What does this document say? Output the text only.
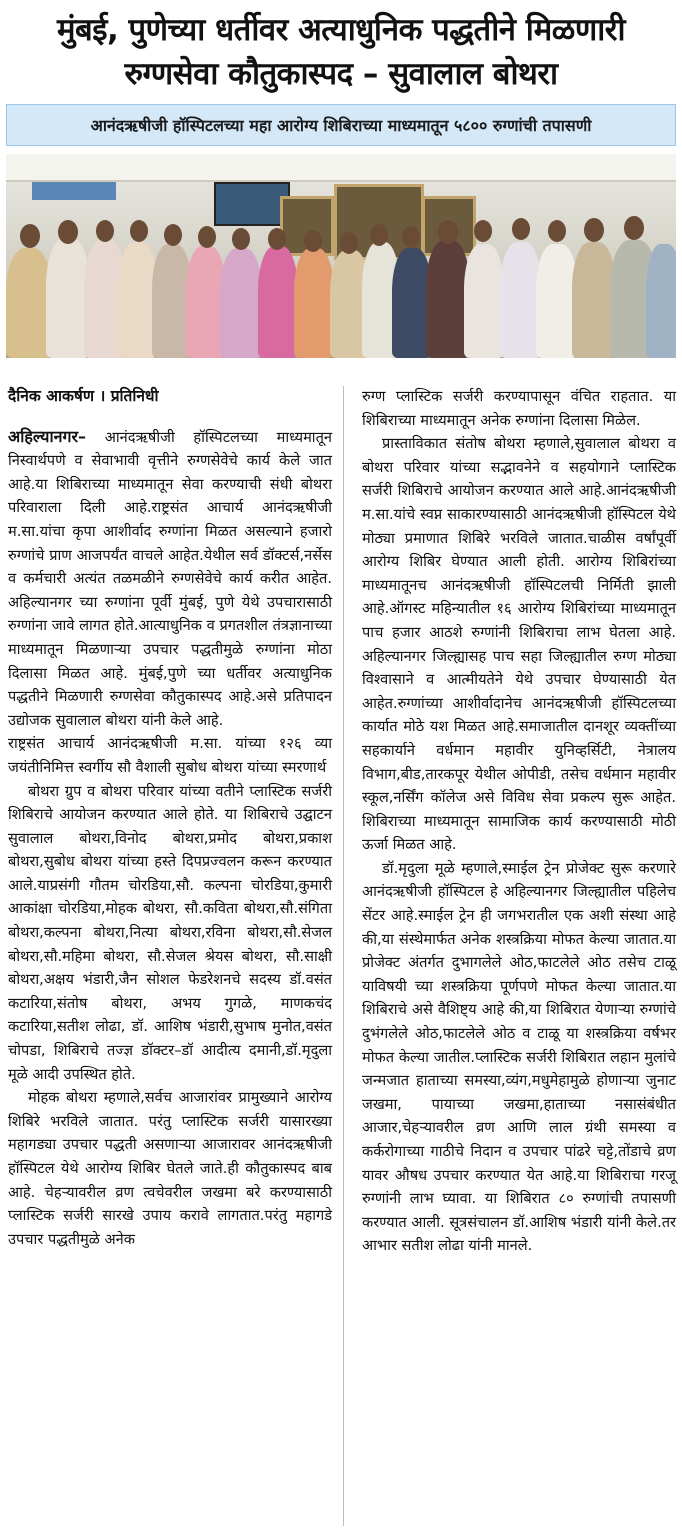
मुंबई, पुणेच्या धर्तीवर अत्याधुनिक पद्धतीने मिळणारी
रुग्णसेवा कौतुकास्पद – सुवालाल बोथरा
आनंदऋषीजी हॉस्पिटलच्या महा आरोग्य शिबिराच्या माध्यमातून ५८०० रुग्णांची तपासणी

दैनिक आकर्षण । प्रतिनिधी

अहिल्यानगर– आनंदऋषीजी हॉस्पिटलच्या माध्यमातून निस्वार्थपणे व सेवाभावी वृत्तीने रुग्णसेवेचे कार्य केले जात आहे.या शिबिराच्या माध्यमातून सेवा करण्याची संधी बोथरा परिवाराला दिली आहे.राष्ट्रसंत आचार्य आनंदऋषीजी म.सा.यांचा कृपा आशीर्वाद रुग्णांना मिळत असल्याने हजारो रुग्णांचे प्राण आजपर्यंत वाचले आहेत.येथील सर्व डॉक्टर्स,नर्सेस व कर्मचारी अत्यंत तळमळीने रुग्णसेवेचे कार्य करीत आहेत. अहिल्यानगर च्या रुग्णांना पूर्वी मुंबई, पुणे येथे उपचारासाठी रुग्णांना जावे लागत होते.आत्याधुनिक व प्रगतशील तंत्रज्ञानाच्या माध्यमातून मिळणाऱ्या उपचार पद्धतीमुळे रुग्णांना मोठा दिलासा मिळत आहे. मुंबई,पुणे च्या धर्तीवर अत्याधुनिक पद्धतीने मिळणारी रुग्णसेवा कौतुकास्पद आहे.असे प्रतिपादन उद्योजक सुवालाल बोथरा यांनी केले आहे.

राष्ट्रसंत आचार्य आनंदऋषीजी म.सा. यांच्या १२६ व्या जयंतीनिमित्त स्वर्गीय सौ वैशाली सुबोध बोथरा यांच्या स्मरणार्थ

बोथरा ग्रुप व बोथरा परिवार यांच्या वतीने प्लास्टिक सर्जरी शिबिराचे आयोजन करण्यात आले होते. या शिबिराचे उद्घाटन सुवालाल बोथरा,विनोद बोथरा,प्रमोद बोथरा,प्रकाश बोथरा,सुबोध बोथरा यांच्या हस्ते दिपप्रज्वलन करून करण्यात आले.याप्रसंगी गौतम चोरडिया,सौ. कल्पना चोरडिया,कुमारी आकांक्षा चोरडिया,मोहक बोथरा, सौ.कविता बोथरा,सौ.संगिता बोथरा,कल्पना बोथरा,नित्या बोथरा,रविना बोथरा,सौ.सेजल बोथरा,सौ.महिमा बोथरा, सौ.सेजल श्रेयस बोथरा, सौ.साक्षी बोथरा,अक्षय भंडारी,जैन सोशल फेडरेशनचे सदस्य डॉ.वसंत कटारिया,संतोष बोथरा, अभय गुगळे, माणकचंद कटारिया,सतीश लोढा, डॉ. आशिष भंडारी,सुभाष मुनोत,वसंत चोपडा, शिबिराचे तज्ज्ञ डॉक्टर–डॉ आदीत्य दमानी,डॉ.मृदुला मूळे आदी उपस्थित होते.

मोहक बोथरा म्हणाले,सर्वच आजारांवर प्रामुख्याने आरोग्य शिबिरे भरविले जातात. परंतु प्लास्टिक सर्जरी यासारख्या महागड्या उपचार पद्धती असणाऱ्या आजारावर आनंदऋषीजी हॉस्पिटल येथे आरोग्य शिबिर घेतले जाते.ही कौतुकास्पद बाब आहे. चेहऱ्यावरील व्रण त्वचेवरील जखमा बरे करण्यासाठी प्लास्टिक सर्जरी सारखे उपाय करावे लागतात.परंतु महागडे उपचार पद्धतीमुळे अनेक

रुग्ण प्लास्टिक सर्जरी करण्यापासून वंचित राहतात. या शिबिराच्या माध्यमातून अनेक रुग्णांना दिलासा मिळेल.

प्रास्ताविकात संतोष बोथरा म्हणाले,सुवालाल बोथरा व बोथरा परिवार यांच्या सद्भावनेने व सहयोगाने प्लास्टिक सर्जरी शिबिराचे आयोजन करण्यात आले आहे.आनंदऋषीजी म.सा.यांचे स्वप्न साकारण्यासाठी आनंदऋषीजी हॉस्पिटल येथे मोठ्या प्रमाणात शिबिरे भरविले जातात.चाळीस वर्षांपूर्वी आरोग्य शिबिर घेण्यात आली होती. आरोग्य शिबिरांच्या माध्यमातूनच आनंदऋषीजी हॉस्पिटलची निर्मिती झाली आहे.ऑगस्ट महिन्यातील १६ आरोग्य शिबिरांच्या माध्यमातून पाच हजार आठशे रुग्णांनी शिबिराचा लाभ घेतला आहे. अहिल्यानगर जिल्ह्यासह पाच सहा जिल्ह्यातील रुग्ण मोठ्या विश्वासाने व आत्मीयतेने येथे उपचार घेण्यासाठी येत आहेत.रुग्णांच्या आशीर्वादानेच आनंदऋषीजी हॉस्पिटलच्या कार्यात मोठे यश मिळत आहे.समाजातील दानशूर व्यक्तींच्या सहकार्याने वर्धमान महावीर युनिव्हर्सिटी, नेत्रालय विभाग,बीड,तारकपूर येथील ओपीडी, तसेच वर्धमान महावीर स्कूल,नर्सिंग कॉलेज असे विविध सेवा प्रकल्प सुरू आहेत. शिबिराच्या माध्यमातून सामाजिक कार्य करण्यासाठी मोठी ऊर्जा मिळत आहे.

डॉ.मृदुला मूळे म्हणाले,स्माईल ट्रेन प्रोजेक्ट सुरू करणारे आनंदऋषीजी हॉस्पिटल हे अहिल्यानगर जिल्ह्यातील पहिलेच सेंटर आहे.स्माईल ट्रेन ही जगभरातील एक अशी संस्था आहे की,या संस्थेमार्फत अनेक शस्त्रक्रिया मोफत केल्या जातात.या प्रोजेक्ट अंतर्गत दुभागलेले ओठ,फाटलेले ओठ तसेच टाळू याविषयी च्या शस्त्रक्रिया पूर्णपणे मोफत केल्या जातात.या शिबिराचे असे वैशिष्ट्य आहे की,या शिबिरात येणाऱ्या रुग्णांचे दुभंगलेले ओठ,फाटलेले ओठ व टाळू या शस्त्रक्रिया वर्षभर मोफत केल्या जातील.प्लास्टिक सर्जरी शिबिरात लहान मुलांचे जन्मजात हाताच्या समस्या,व्यंग,मधुमेहामुळे होणाऱ्या जुनाट जखमा, पायाच्या जखमा,हाताच्या नसासंबंधीत आजार,चेहऱ्यावरील व्रण आणि लाल ग्रंथी समस्या व कर्करोगाच्या गाठीचे निदान व उपचार पांढरे चट्टे,तोंडाचे व्रण यावर औषध उपचार करण्यात येत आहे.या शिबिराचा गरजू रुग्णांनी लाभ घ्यावा. या शिबिरात ८० रुग्णांची तपासणी करण्यात आली. सूत्रसंचालन डॉ.आशिष भंडारी यांनी केले.तर आभार सतीश लोढा यांनी मानले.
